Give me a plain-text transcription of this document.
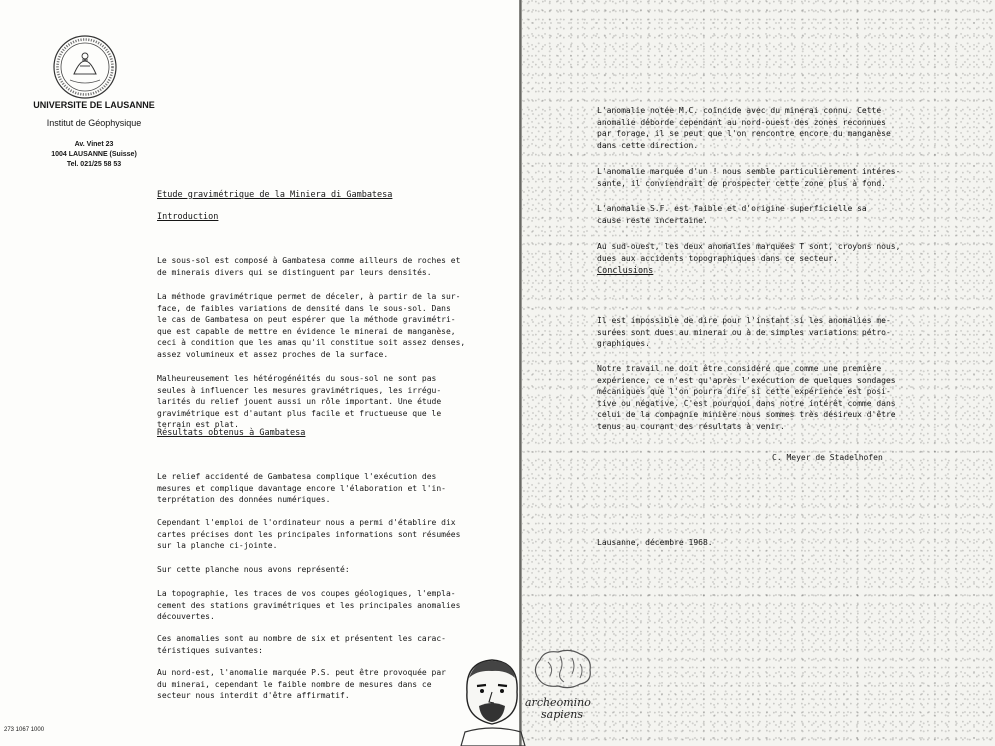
UNIVERSITE DE LAUSANNE
Institut de Géophysique
Av. Vinet 23
1004 LAUSANNE (Suisse)
Tel. 021/25 58 53
Etude gravimétrique de la Miniera di Gambatesa
Introduction

Le sous-sol est composé à Gambatesa comme ailleurs de roches et

de minerais divers qui se distinguent par leurs densités.

La méthode gravimétrique permet de déceler, à partir de la sur-

face, de faibles variations de densité dans le sous-sol. Dans

le cas de Gambatesa on peut espérer que la méthode gravimétri-

que est capable de mettre en évidence le minerai de manganèse,

ceci à condition que les amas qu'il constitue soit assez denses,

assez volumineux et assez proches de la surface.

Malheureusement les hétérogénéités du sous-sol ne sont pas

seules à influencer les mesures gravimétriques, les irrégu-

larités du relief jouent aussi un rôle important. Une étude

gravimétrique est d'autant plus facile et fructueuse que le

terrain est plat.

Résultats obtenus à Gambatesa

Le relief accidenté de Gambatesa complique l'exécution des

mesures et complique davantage encore l'élaboration et l'in-

terprétation des données numériques.

Cependant l'emploi de l'ordinateur nous a permi d'établire dix

cartes précises dont les principales informations sont résumées

sur la planche ci-jointe.

Sur cette planche nous avons représenté:

La topographie, les traces de vos coupes géologiques, l'empla-

cement des stations gravimétriques et les principales anomalies

découvertes.

Ces anomalies sont au nombre de six et présentent les carac-

téristiques suivantes:

Au nord-est, l'anomalie marquée P.S. peut être provoquée par

du minerai, cependant le faible nombre de mesures dans ce

secteur nous interdit d'être affirmatif.

273 1067 1000

L'anomalie notée M.C. coïncide avec du minerai connu. Cette

anomalie déborde cependant au nord-ouest des zones reconnues

par forage, il se peut que l'on rencontre encore du manganèse

dans cette direction.

L'anomalie marquée d'un ! nous semble particulièrement intéres-

sante, il conviendrait de prospecter cette zone plus à fond.

L'anomalie S.F. est faible et d'origine superficielle sa

cause reste incertaine.

Au sud-ouest, les deux anomalies marquées T sont, croyons nous,

dues aux accidents topographiques dans ce secteur.

Conclusions

Il est impossible de dire pour l'instant si les anomalies me-

surées sont dues au minerai ou à de simples variations pétro-

graphiques.

Notre travail ne doit être considéré que comme une première

expérience, ce n'est qu'après l'exécution de quelques sondages

mécaniques que l'on pourra dire si cette expérience est posi-

tive ou négative. C'est pourquoi dans notre intérêt comme dans

celui de la compagnie minière nous sommes très désireux d'être

tenus au courant des résultats à venir.

C. Meyer de Stadelhofen
Lausanne, décembre 1968.
archeomino
sapiens
